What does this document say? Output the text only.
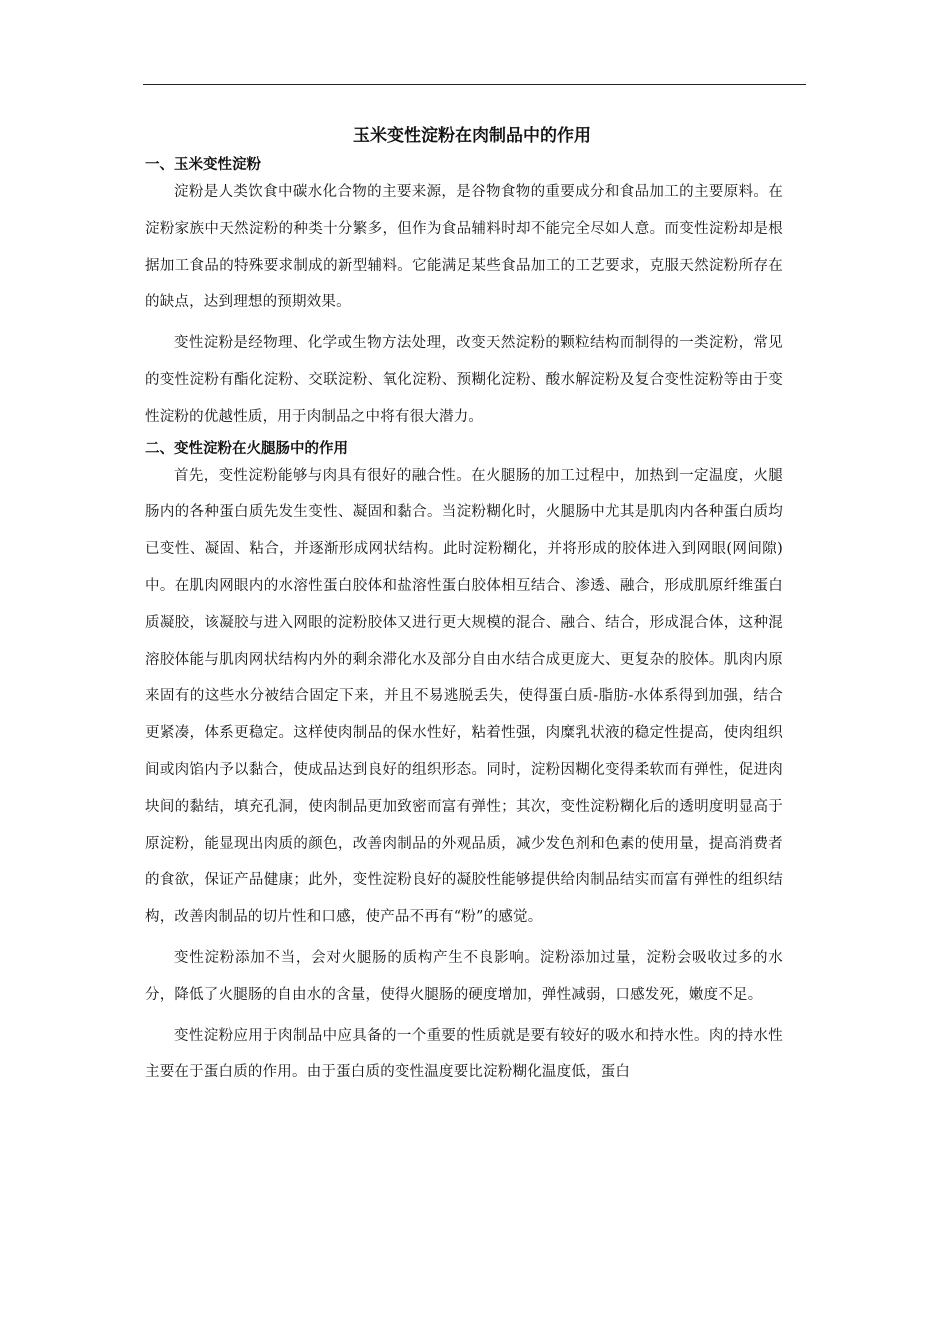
玉米变性淀粉在肉制品中的作用
一、玉米变性淀粉

淀粉是人类饮食中碳水化合物的主要来源，是谷物食物的重要成分和食品加工的主要原料。在淀粉家族中天然淀粉的种类十分繁多，但作为食品辅料时却不能完全尽如人意。而变性淀粉却是根据加工食品的特殊要求制成的新型辅料。它能满足某些食品加工的工艺要求，克服天然淀粉所存在的缺点，达到理想的预期效果。

变性淀粉是经物理、化学或生物方法处理，改变天然淀粉的颗粒结构而制得的一类淀粉，常见的变性淀粉有酯化淀粉、交联淀粉、氧化淀粉、预糊化淀粉、酸水解淀粉及复合变性淀粉等由于变性淀粉的优越性质，用于肉制品之中将有很大潜力。

二、变性淀粉在火腿肠中的作用

首先，变性淀粉能够与肉具有很好的融合性。在火腿肠的加工过程中，加热到一定温度，火腿肠内的各种蛋白质先发生变性、凝固和黏合。当淀粉糊化时，火腿肠中尤其是肌肉内各种蛋白质均已变性、凝固、粘合，并逐渐形成网状结构。此时淀粉糊化，并将形成的胶体进入到网眼(网间隙)中。在肌肉网眼内的水溶性蛋白胶体和盐溶性蛋白胶体相互结合、渗透、融合，形成肌原纤维蛋白质凝胶，该凝胶与进入网眼的淀粉胶体又进行更大规模的混合、融合、结合，形成混合体，这种混溶胶体能与肌肉网状结构内外的剩余滞化水及部分自由水结合成更庞大、更复杂的胶体。肌肉内原来固有的这些水分被结合固定下来，并且不易逃脱丢失，使得蛋白质-脂肪-水体系得到加强，结合更紧凑，体系更稳定。这样使肉制品的保水性好，粘着性强，肉糜乳状液的稳定性提高，使肉组织间或肉馅内予以黏合，使成品达到良好的组织形态。同时，淀粉因糊化变得柔软而有弹性，促进肉块间的黏结，填充孔洞，使肉制品更加致密而富有弹性；其次，变性淀粉糊化后的透明度明显高于原淀粉，能显现出肉质的颜色，改善肉制品的外观品质，减少发色剂和色素的使用量，提高消费者的食欲，保证产品健康；此外，变性淀粉良好的凝胶性能够提供给肉制品结实而富有弹性的组织结构，改善肉制品的切片性和口感，使产品不再有“粉”的感觉。

变性淀粉添加不当，会对火腿肠的质构产生不良影响。淀粉添加过量，淀粉会吸收过多的水分，降低了火腿肠的自由水的含量，使得火腿肠的硬度增加，弹性减弱，口感发死，嫩度不足。

变性淀粉应用于肉制品中应具备的一个重要的性质就是要有较好的吸水和持水性。肉的持水性主要在于蛋白质的作用。由于蛋白质的变性温度要比淀粉糊化温度低，蛋白
